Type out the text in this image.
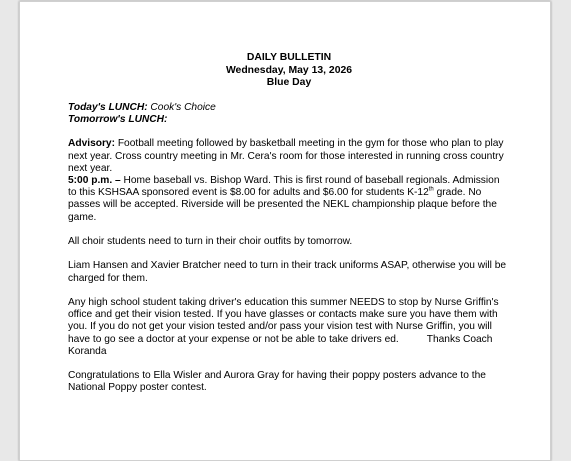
DAILY BULLETIN
Wednesday, May 13, 2026
Blue Day

Today's LUNCH: Cook's Choice

Tomorrow's LUNCH:

Advisory: Football meeting followed by basketball meeting in the gym for those who plan to play next year. Cross country meeting in Mr. Cera's room for those interested in running cross country next year.

5:00 p.m. – Home baseball vs. Bishop Ward. This is first round of baseball regionals. Admission to this KSHSAA sponsored event is $8.00 for adults and $6.00 for students K-12th grade. No passes will be accepted. Riverside will be presented the NEKL championship plaque before the game.

All choir students need to turn in their choir outfits by tomorrow.

Liam Hansen and Xavier Bratcher need to turn in their track uniforms ASAP, otherwise you will be charged for them.

Any high school student taking driver's education this summer NEEDS to stop by Nurse Griffin's office and get their vision tested. If you have glasses or contacts make sure you have them with you. If you do not get your vision tested and/or pass your vision test with Nurse Griffin, you will have to go see a doctor at your expense or not be able to take drivers ed.	Thanks Coach Koranda

Congratulations to Ella Wisler and Aurora Gray for having their poppy posters advance to the National Poppy poster contest.
